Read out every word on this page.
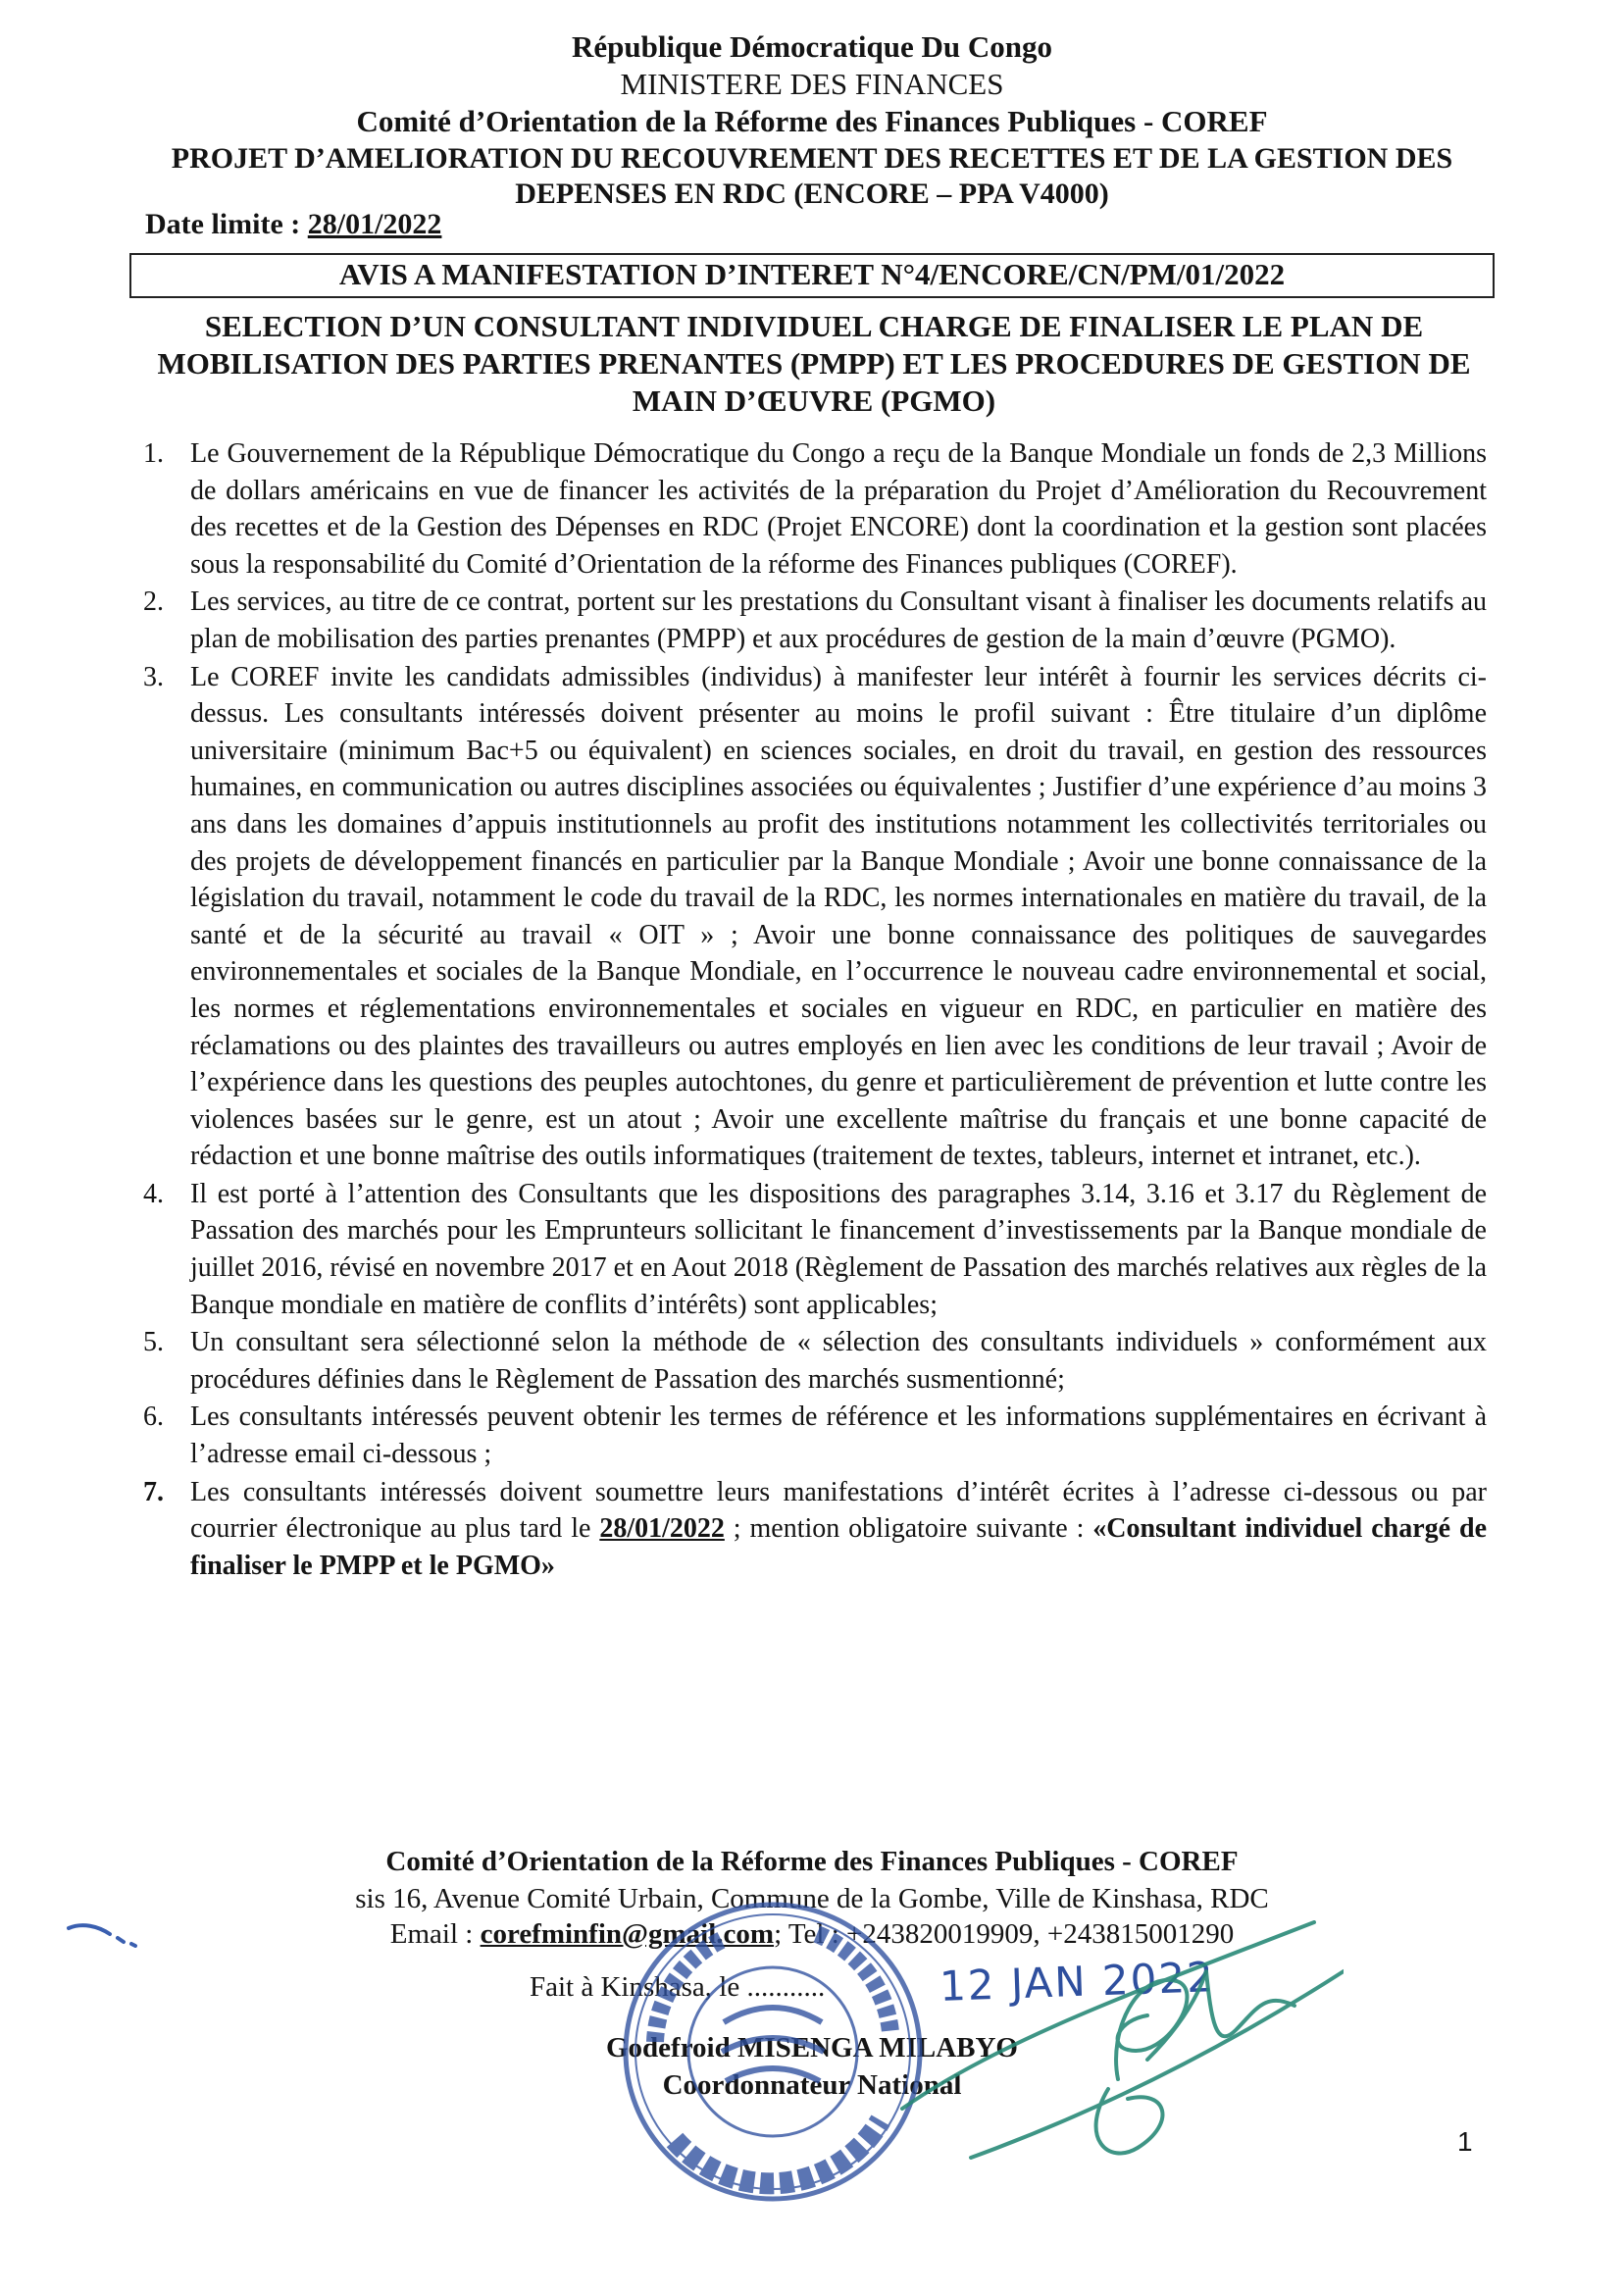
République Démocratique Du Congo

MINISTERE DES FINANCES

Comité d’Orientation de la Réforme des Finances Publiques - COREF

PROJET D’AMELIORATION DU RECOUVREMENT DES RECETTES ET DE LA GESTION DES

DEPENSES EN RDC (ENCORE – PPA V4000)

Date limite : 28/01/2022
AVIS A MANIFESTATION D’INTERET N°4/ENCORE/CN/PM/01/2022
SELECTION D’UN CONSULTANT INDIVIDUEL CHARGE DE FINALISER LE PLAN DE MOBILISATION DES PARTIES PRENANTES (PMPP) ET LES PROCEDURES DE GESTION DE MAIN D’ŒUVRE (PGMO)
1. Le Gouvernement de la République Démocratique du Congo a reçu de la Banque Mondiale un fonds de 2,3 Millions de dollars américains en vue de financer les activités de la préparation du Projet d’Amélioration du Recouvrement des recettes et de la Gestion des Dépenses en RDC (Projet ENCORE) dont la coordination et la gestion sont placées sous la responsabilité du Comité d’Orientation de la réforme des Finances publiques (COREF).
2. Les services, au titre de ce contrat, portent sur les prestations du Consultant visant à finaliser les documents relatifs au plan de mobilisation des parties prenantes (PMPP) et aux procédures de gestion de la main d’œuvre (PGMO).
3. Le COREF invite les candidats admissibles (individus) à manifester leur intérêt à fournir les services décrits ci-dessus. Les consultants intéressés doivent présenter au moins le profil suivant : Être titulaire d’un diplôme universitaire (minimum Bac+5 ou équivalent) en sciences sociales, en droit du travail, en gestion des ressources humaines, en communication ou autres disciplines associées ou équivalentes ; Justifier d’une expérience d’au moins 3 ans dans les domaines d’appuis institutionnels au profit des institutions notamment les collectivités territoriales ou des projets de développement financés en particulier par la Banque Mondiale ; Avoir une bonne connaissance de la législation du travail, notamment le code du travail de la RDC, les normes internationales en matière du travail, de la santé et de la sécurité au travail « OIT » ; Avoir une bonne connaissance des politiques de sauvegardes environnementales et sociales de la Banque Mondiale, en l’occurrence le nouveau cadre environnemental et social, les normes et réglementations environnementales et sociales en vigueur en RDC, en particulier en matière des réclamations ou des plaintes des travailleurs ou autres employés en lien avec les conditions de leur travail ; Avoir de l’expérience dans les questions des peuples autochtones, du genre et particulièrement de prévention et lutte contre les violences basées sur le genre, est un atout ; Avoir une excellente maîtrise du français et une bonne capacité de rédaction et une bonne maîtrise des outils informatiques (traitement de textes, tableurs, internet et intranet, etc.).
4. Il est porté à l’attention des Consultants que les dispositions des paragraphes 3.14, 3.16 et 3.17 du Règlement de Passation des marchés pour les Emprunteurs sollicitant le financement d’investissements par la Banque mondiale de juillet 2016, révisé en novembre 2017 et en Aout 2018 (Règlement de Passation des marchés relatives aux règles de la Banque mondiale en matière de conflits d’intérêts) sont applicables;
5. Un consultant sera sélectionné selon la méthode de « sélection des consultants individuels » conformément aux procédures définies dans le Règlement de Passation des marchés susmentionné;
6. Les consultants intéressés peuvent obtenir les termes de référence et les informations supplémentaires en écrivant à l’adresse email ci-dessous ;
7. Les consultants intéressés doivent soumettre leurs manifestations d’intérêt écrites à l’adresse ci-dessous ou par courrier électronique au plus tard le 28/01/2022 ; mention obligatoire suivante : «Consultant individuel chargé de finaliser le PMPP et le PGMO»
Comité d’Orientation de la Réforme des Finances Publiques - COREF
sis 16, Avenue Comité Urbain, Commune de la Gombe, Ville de Kinshasa, RDC
Email : corefminfin@gmail.com; Tel : +243820019909, +243815001290
Fait à Kinshasa, le ...........	12 JAN 2022
Godefroid MISENGA MILABYO
Coordonnateur National
1
